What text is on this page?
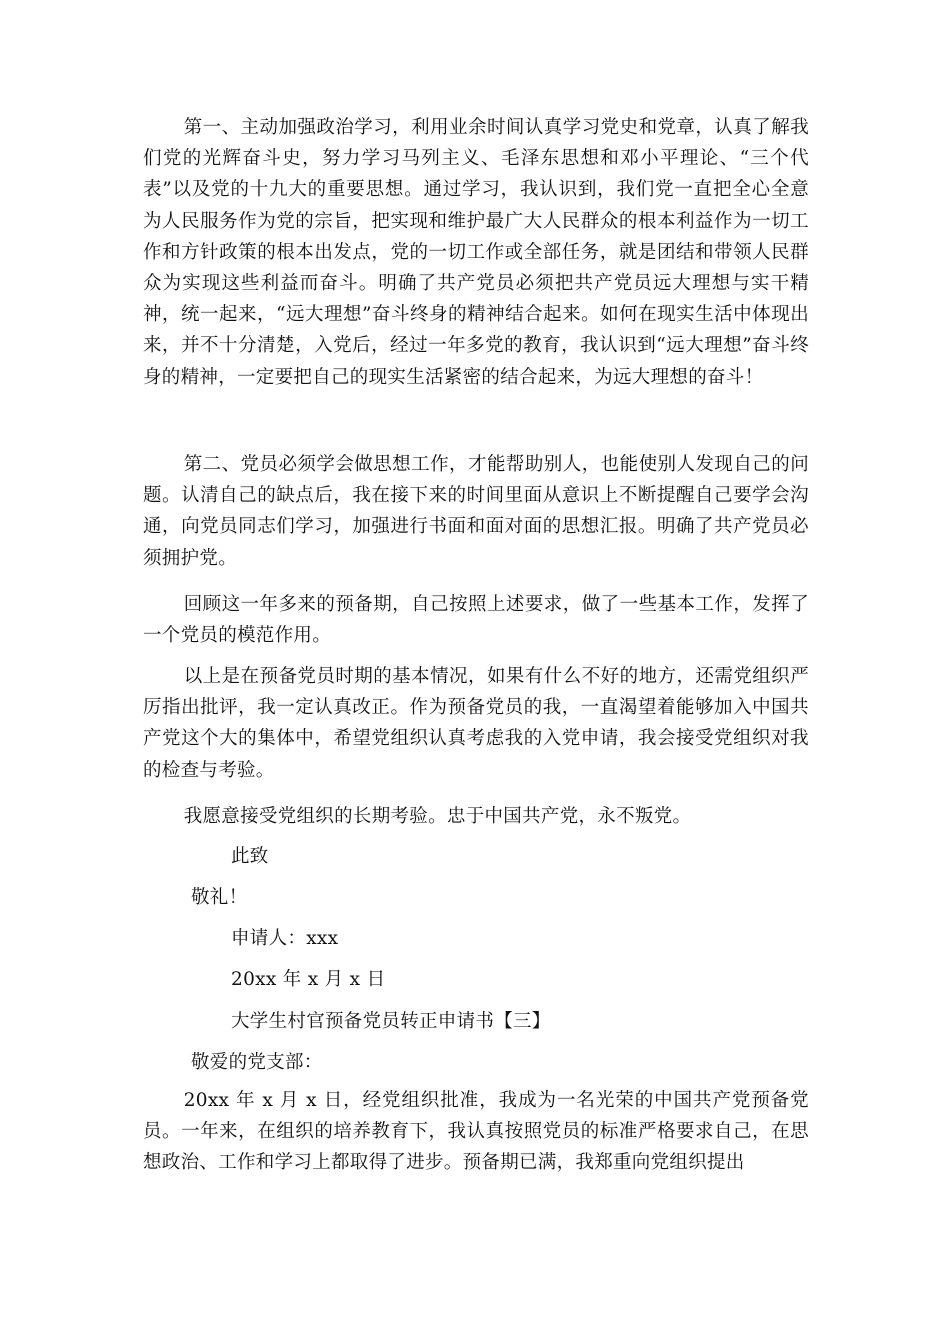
第一、主动加强政治学习，利用业余时间认真学习党史和党章，认真了解我们党的光辉奋斗史，努力学习马列主义、毛泽东思想和邓小平理论、“三个代表”以及党的十九大的重要思想。通过学习，我认识到，我们党一直把全心全意为人民服务作为党的宗旨，把实现和维护最广大人民群众的根本利益作为一切工作和方针政策的根本出发点，党的一切工作或全部任务，就是团结和带领人民群众为实现这些利益而奋斗。明确了共产党员必须把共产党员远大理想与实干精神，统一起来，“远大理想”奋斗终身的精神结合起来。如何在现实生活中体现出来，并不十分清楚，入党后，经过一年多党的教育，我认识到“远大理想”奋斗终身的精神，一定要把自己的现实生活紧密的结合起来，为远大理想的奋斗！

第二、党员必须学会做思想工作，才能帮助别人，也能使别人发现自己的问题。认清自己的缺点后，我在接下来的时间里面从意识上不断提醒自己要学会沟通，向党员同志们学习，加强进行书面和面对面的思想汇报。明确了共产党员必须拥护党。

回顾这一年多来的预备期，自己按照上述要求，做了一些基本工作，发挥了一个党员的模范作用。

以上是在预备党员时期的基本情况，如果有什么不好的地方，还需党组织严厉指出批评，我一定认真改正。作为预备党员的我，一直渴望着能够加入中国共产党这个大的集体中，希望党组织认真考虑我的入党申请，我会接受党组织对我的检查与考验。

我愿意接受党组织的长期考验。忠于中国共产党，永不叛党。

此致
敬礼！
申请人：xxx
20xx 年 x 月 x 日
大学生村官预备党员转正申请书【三】
敬爱的党支部：

20xx 年 x 月 x 日，经党组织批准，我成为一名光荣的中国共产党预备党员。一年来，在组织的培养教育下，我认真按照党员的标准严格要求自己，在思想政治、工作和学习上都取得了进步。预备期已满，我郑重向党组织提出
